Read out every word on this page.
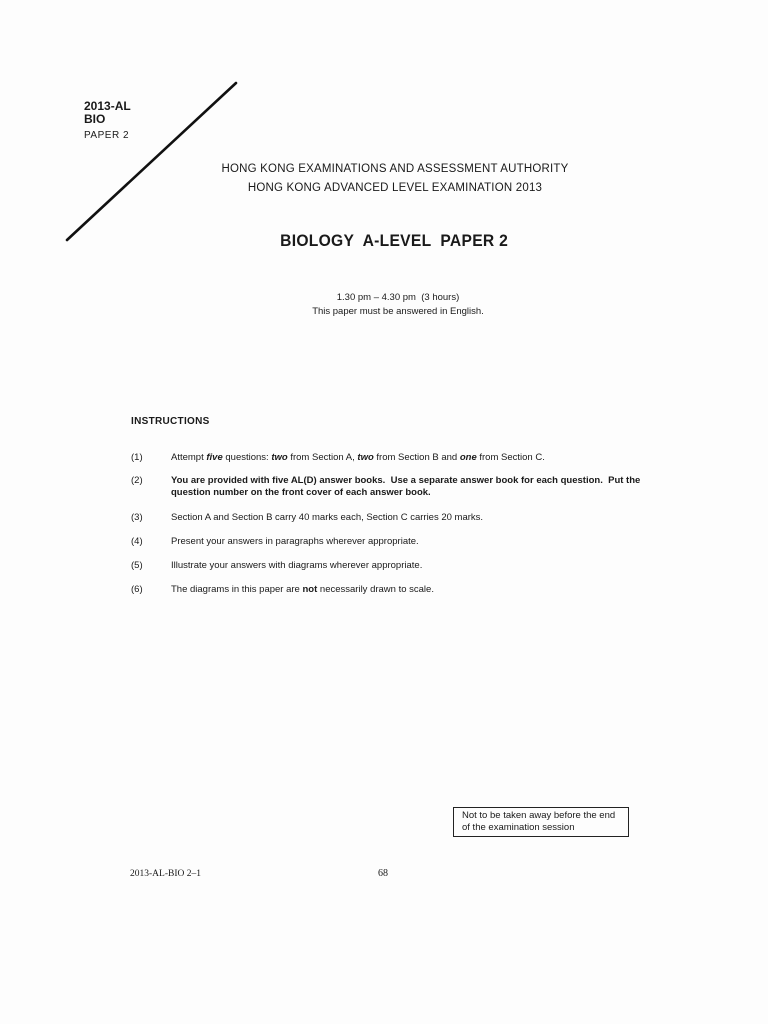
2013-AL
BIO
PAPER 2
HONG KONG EXAMINATIONS AND ASSESSMENT AUTHORITY
HONG KONG ADVANCED LEVEL EXAMINATION 2013
BIOLOGY  A-LEVEL  PAPER 2
1.30 pm – 4.30 pm  (3 hours)
This paper must be answered in English.
INSTRUCTIONS
(1)	Attempt five questions: two from Section A, two from Section B and one from Section C.
(2)	You are provided with five AL(D) answer books.  Use a separate answer book for each question.  Put the question number on the front cover of each answer book.
(3)	Section A and Section B carry 40 marks each, Section C carries 20 marks.
(4)	Present your answers in paragraphs wherever appropriate.
(5)	Illustrate your answers with diagrams wherever appropriate.
(6)	The diagrams in this paper are not necessarily drawn to scale.
Not to be taken away before the end of the examination session
2013-AL-BIO 2–1	68
